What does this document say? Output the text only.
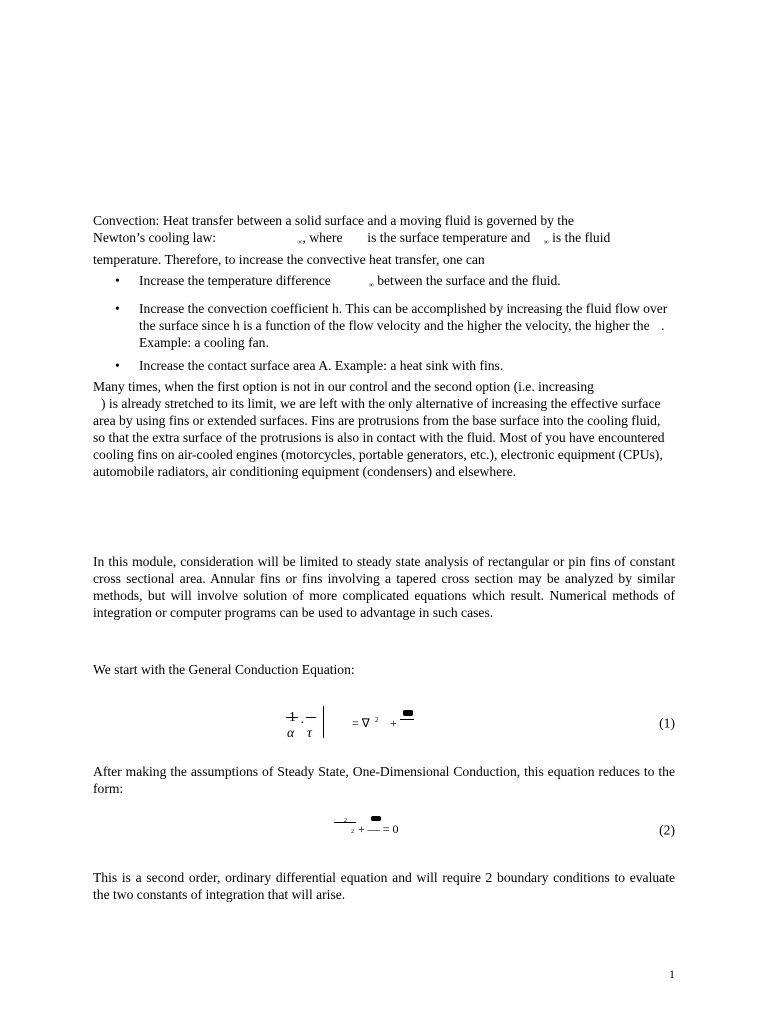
Convection: Heat transfer between a solid surface and a moving fluid is governed by the

Newton’s cooling law:	$_\infty$, where  is the surface temperature and $_\infty$ is the fluid

temperature. Therefore, to increase the convective heat transfer, one can

• Increase the temperature difference	$_\infty$ between the surface and the fluid.
• Increase the convection coefficient h. This can be accomplished by increasing the fluid flow over the surface since h is a function of the flow velocity and the higher the velocity, the higher the . Example: a cooling fan.
• Increase the contact surface area A. Example: a heat sink with fins.

Many times, when the first option is not in our control and the second option (i.e. increasing

) is already stretched to its limit, we are left with the only alternative of increasing the effective surface area by using fins or extended surfaces. Fins are protrusions from the base surface into the cooling fluid, so that the extra surface of the protrusions is also in contact with the fluid. Most of you have encountered cooling fins on air-cooled engines (motorcycles, portable generators, etc.), electronic equipment (CPUs), automobile radiators, air conditioning equipment (condensers) and elsewhere.

In this module, consideration will be limited to steady state analysis of rectangular or pin fins of constant cross sectional area. Annular fins or fins involving a tapered cross section may be analyzed by similar methods, but will involve solution of more complicated equations which result. Numerical methods of integration or computer programs can be used to advantage in such cases.

We start with the General Conduction Equation:

1
α
·
τ
= ∇ 2 +	(1)

After making the assumptions of Steady State, One-Dimensional Conduction, this equation reduces to the form:

2
2 + — = 0	(2)

This is a second order, ordinary differential equation and will require 2 boundary conditions to evaluate the two constants of integration that will arise.

1
